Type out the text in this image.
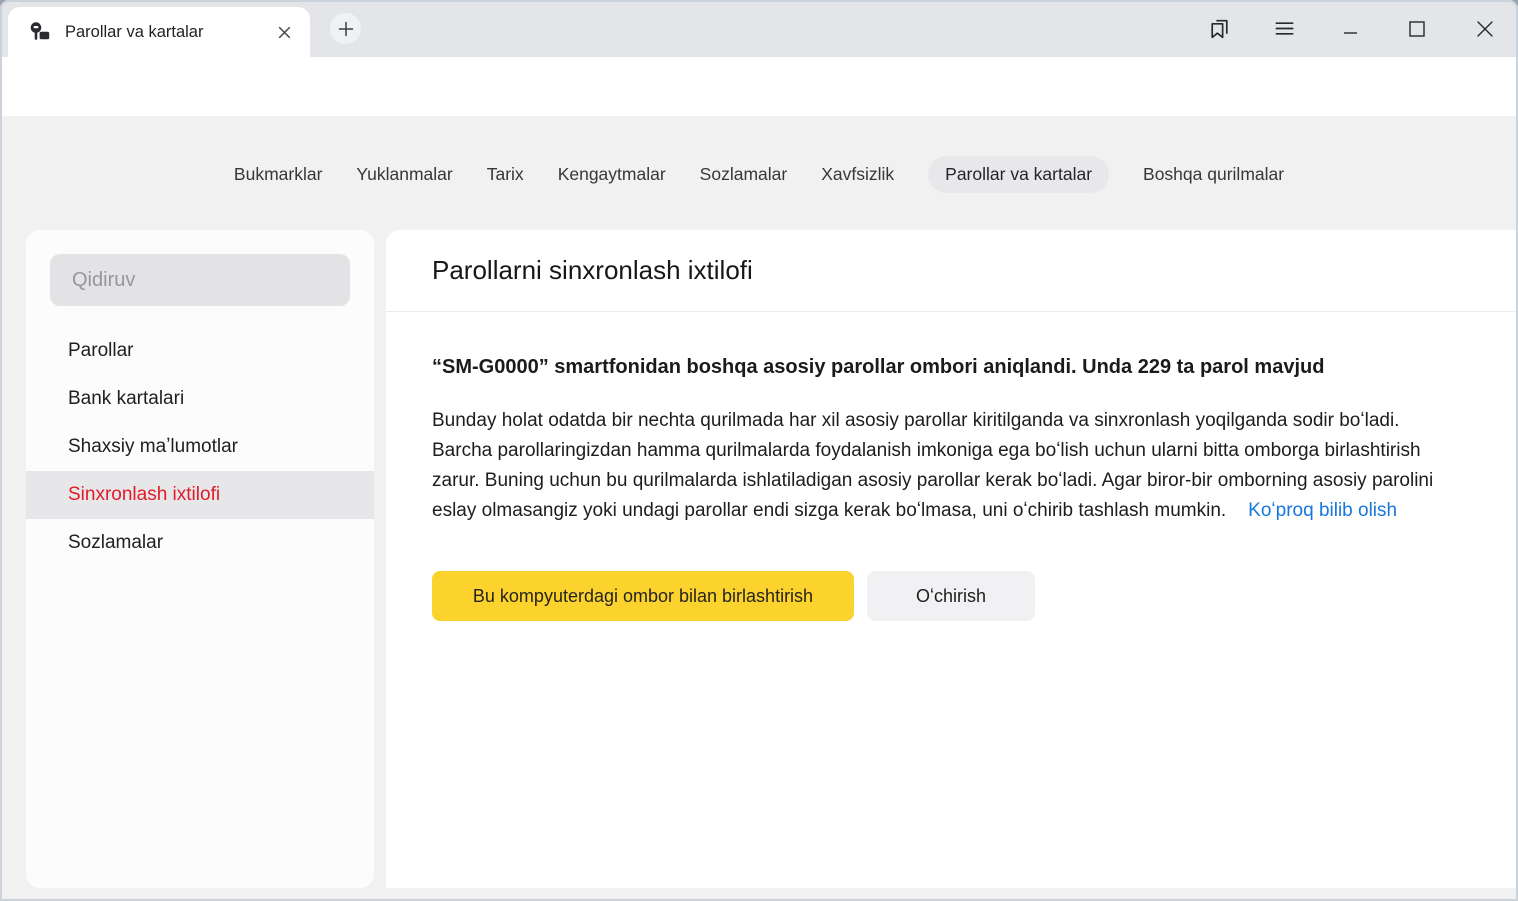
Parollar va kartalar
Bukmarklar Yuklanmalar Tarix Kengaytmalar Sozlamalar Xavfsizlik	Parollar va kartalar	Boshqa qurilmalar
Qidiruv
Parollar
Bank kartalari
Shaxsiy maʼlumotlar
Sinxronlash ixtilofi
Sozlamalar
Parollarni sinxronlash ixtilofi
“SM-G0000” smartfonidan boshqa asosiy parollar ombori aniqlandi. Unda 229 ta parol mavjud
Bunday holat odatda bir nechta qurilmada har xil asosiy parollar kiritilganda va sinxronlash yoqilganda sodir boʻladi.
Barcha parollaringizdan hamma qurilmalarda foydalanish imkoniga ega boʻlish uchun ularni bitta omborga birlashtirish zarur. Buning uchun bu qurilmalarda ishlatiladigan asosiy parollar kerak boʻladi. Agar biror-bir omborning asosiy parolini eslay olmasangiz yoki undagi parollar endi sizga kerak boʻlmasa, uni oʻchirib tashlash mumkin. Koʻproq bilib olish
Bu kompyuterdagi ombor bilan birlashtirish	Oʻchirish
